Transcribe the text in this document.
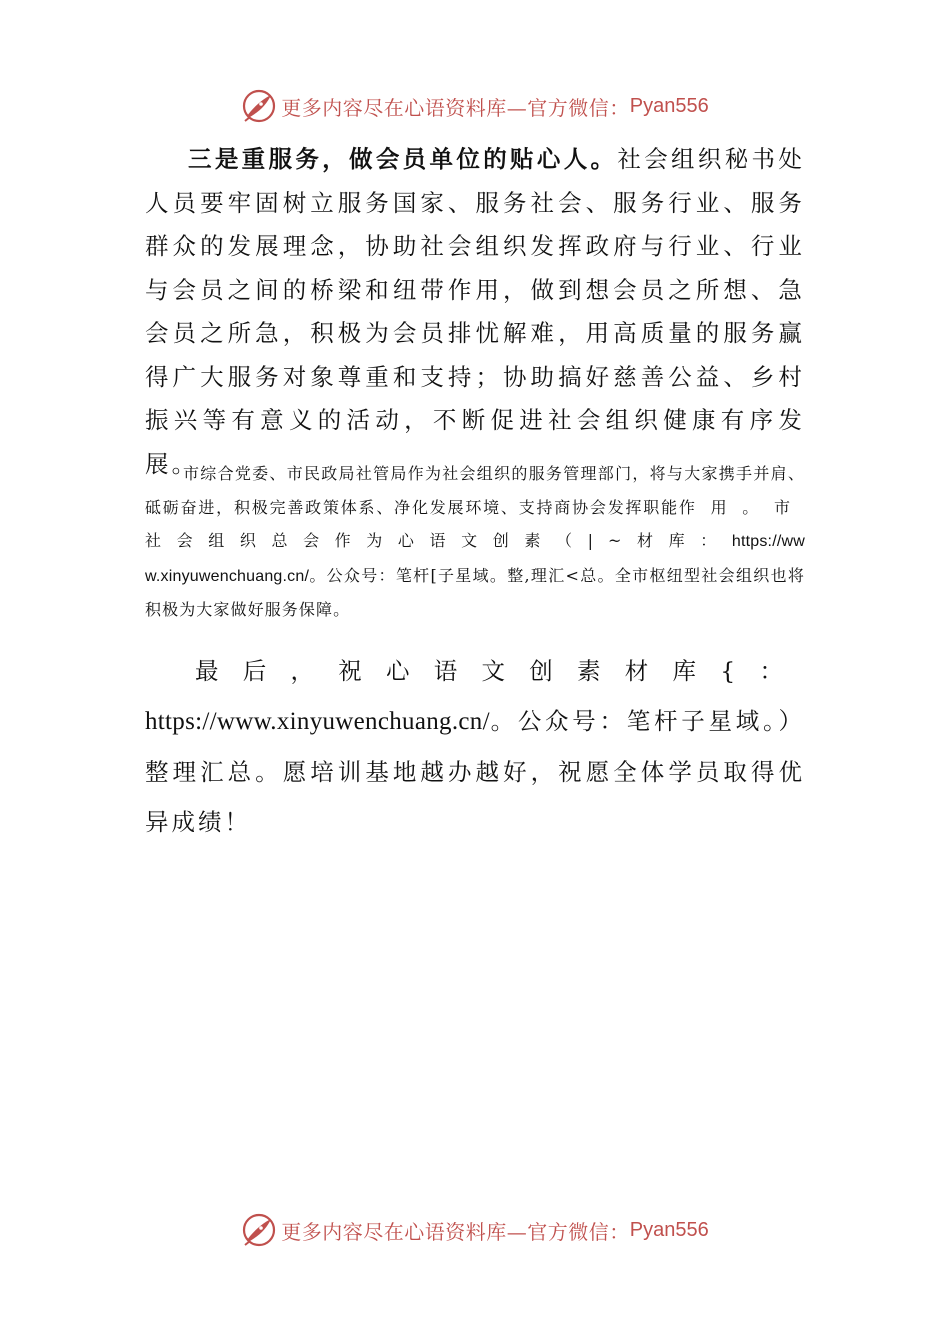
更多内容尽在心语资料库—官方微信： Pyan556

三是重服务，做会员单位的贴心人。社会组织秘书处人员要牢固树立服务国家、服务社会、服务行业、服务群众的发展理念，协助社会组织发挥政府与行业、行业与会员之间的桥梁和纽带作用，做到想会员之所想、急会员之所急，积极为会员排忧解难，用高质量的服务赢得广大服务对象尊重和支持；协助搞好慈善公益、乡村振兴等有意义的活动，不断促进社会组织健康有序发展。

市综合党委、市民政局社管局作为社会组织的服务管理部门，将与大家携手并肩、砥砺奋进，积极完善政策体系、净化发展环境、支持商协会发挥职能作用。市社会组织总会作为心语文创素（|~材库：https://www.xinyuwenchuang.cn/。公众号：笔杆[子星域。整,理汇<总。全市枢纽型社会组织也将积极为大家做好服务保障。

最后，祝心语文创素材库{：https://www.xinyuwenchuang.cn/。公众号：笔杆子星域。）整理汇总。愿培训基地越办越好，祝愿全体学员取得优异成绩！

更多内容尽在心语资料库—官方微信： Pyan556
